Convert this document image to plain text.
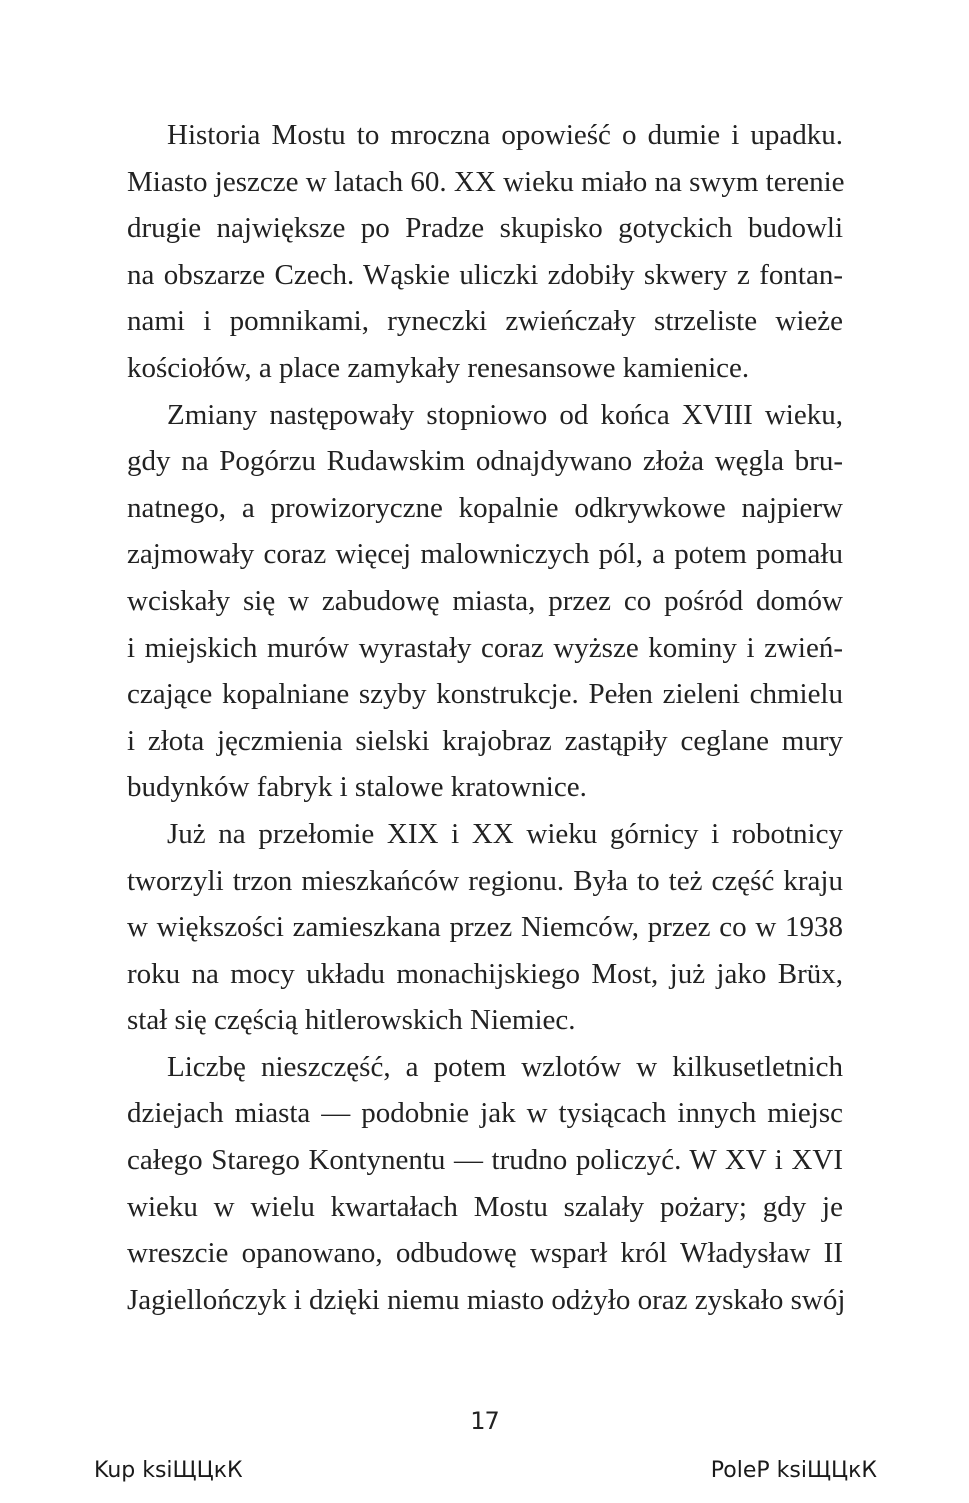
Historia Mostu to mroczna opowieść o dumie i upadku.
Miasto jeszcze w latach 60. XX wieku miało na swym terenie
drugie największe po Pradze skupisko gotyckich budowli
na obszarze Czech. Wąskie uliczki zdobiły skwery z fontan-
nami i pomnikami, ryneczki zwieńczały strzeliste wieże
kościołów, a place zamykały renesansowe kamienice.
Zmiany następowały stopniowo od końca XVIII wieku,
gdy na Pogórzu Rudawskim odnajdywano złoża węgla bru-
natnego, a prowizoryczne kopalnie odkrywkowe najpierw
zajmowały coraz więcej malowniczych pól, a potem pomału
wciskały się w zabudowę miasta, przez co pośród domów
i miejskich murów wyrastały coraz wyższe kominy i zwień-
czające kopalniane szyby konstrukcje. Pełen zieleni chmielu
i złota jęczmienia sielski krajobraz zastąpiły ceglane mury
budynków fabryk i stalowe kratownice.
Już na przełomie XIX i XX wieku górnicy i robotnicy
tworzyli trzon mieszkańców regionu. Była to też część kraju
w większości zamieszkana przez Niemców, przez co w 1938
roku na mocy układu monachijskiego Most, już jako Brüx,
stał się częścią hitlerowskich Niemiec.
Liczbę nieszczęść, a potem wzlotów w kilkusetletnich
dziejach miasta — podobnie jak w tysiącach innych miejsc
całego Starego Kontynentu — trudno policzyć. W XV i XVI
wieku w wielu kwartałach Mostu szalały pożary; gdy je
wreszcie opanowano, odbudowę wsparł król Władysław II
Jagiellończyk i dzięki niemu miasto odżyło oraz zyskało swój
17
Kup ksiЩЦкК	PoleP ksiЩЦкК
